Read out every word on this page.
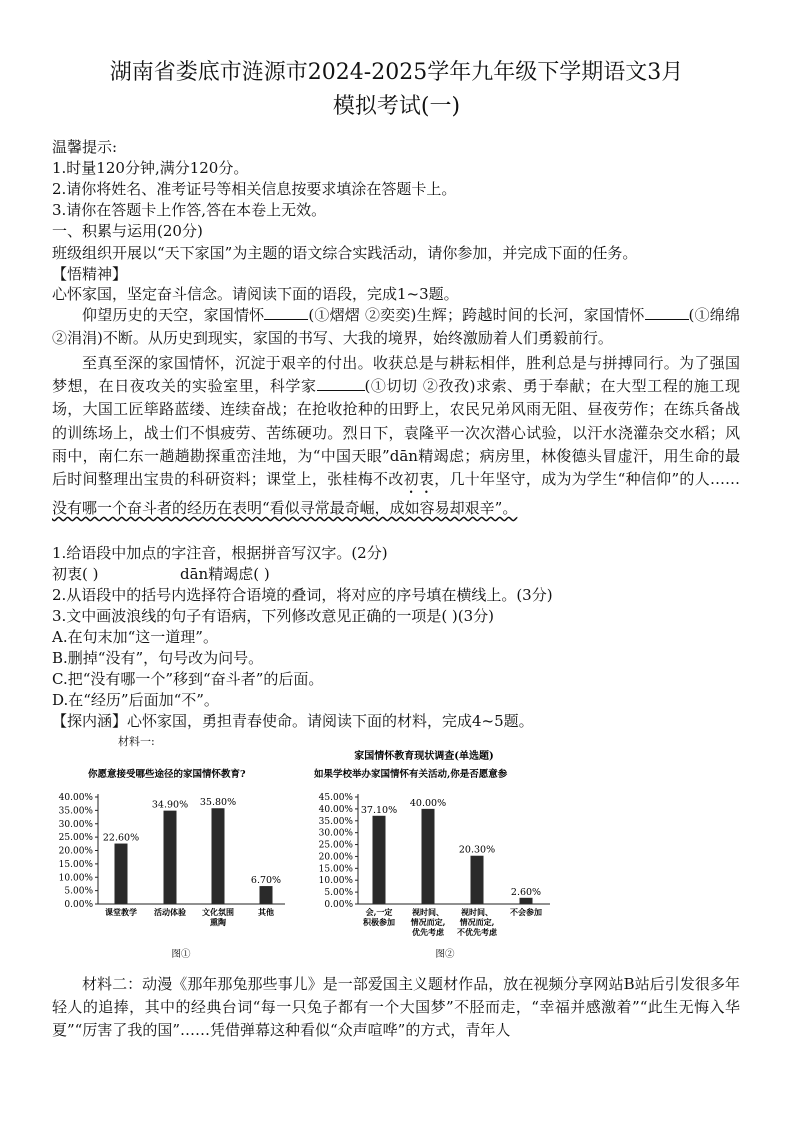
湖南省娄底市涟源市2024-2025学年九年级下学期语文3月
模拟考试(一)
温馨提示:
1.时量120分钟,满分120分。
2.请你将姓名、准考证号等相关信息按要求填涂在答题卡上。
3.请你在答题卡上作答,答在本卷上无效。
一、积累与运用(20分)
班级组织开展以“天下家国”为主题的语文综合实践活动，请你参加，并完成下面的任务。
【悟精神】
心怀家国，坚定奋斗信念。请阅读下面的语段，完成1~3题。
仰望历史的天空，家国情怀	(①熠熠 ②奕奕)生辉；跨越时间的长河，家国情怀	(①绵绵 ②涓涓)不断。从历史到现实，家国的书写、大我的境界，始终激励着人们勇毅前行。
至真至深的家国情怀，沉淀于艰辛的付出。收获总是与耕耘相伴，胜利总是与拼搏同行。为了强国梦想，在日夜攻关的实验室里，科学家	(①切切 ②孜孜)求索、勇于奉献；在大型工程的施工现场，大国工匠筚路蓝缕、连续奋战；在抢收抢种的田野上，农民兄弟风雨无阻、昼夜劳作；在练兵备战的训练场上，战士们不惧疲劳、苦练硬功。烈日下，袁隆平一次次潜心试验，以汗水浇灌杂交水稻；风雨中，南仁东一趟趟勘探重峦洼地，为“中国天眼”dān精竭虑；病房里，林俊德头冒虚汗，用生命的最后时间整理出宝贵的科研资料；课堂上，张桂梅不改初衷，几十年坚守，成为为学生“种信仰”的人……没有哪一个奋斗者的经历在表明“看似寻常最奇崛，成如容易却艰辛”。
1.给语段中加点的字注音，根据拼音写汉字。(2分)
初衷( )	dān精竭虑( )
2.从语段中的括号内选择符合语境的叠词，将对应的序号填在横线上。(3分)
3.文中画波浪线的句子有语病，下列修改意见正确的一项是( )(3分)
A.在句末加“这一道理”。
B.删掉“没有”，句号改为问号。
C.把“没有哪一个”移到“奋斗者”的后面。
D.在“经历”后面加“不”。
【探内涵】心怀家国，勇担青春使命。请阅读下面的材料，完成4~5题。
材料一:
家国情怀教育现状调查(单选题)
你愿意接受哪些途径的家国情怀教育?
0.00%
5.00%
10.00%
15.00%
20.00%
25.00%
30.00%
35.00%
40.00%
22.60%
课堂教学
34.90%
活动体验
35.80%
文化氛围
熏陶
6.70%
其他
图①
如果学校举办家国情怀有关活动,你是否愿意参
0.00%
5.00%
10.00%
15.00%
20.00%
25.00%
30.00%
35.00%
40.00%
45.00%
37.10%
会,一定
积极参加
40.00%
视时间、
情况而定,
优先考虑
20.30%
视时间、
情况而定,
不优先考虑
2.60%
不会参加
图②
材料二：动漫《那年那兔那些事儿》是一部爱国主义题材作品，放在视频分享网站B站后引发很多年轻人的追捧，其中的经典台词“每一只兔子都有一个大国梦”不胫而走，“幸福并感激着”“此生无悔入华夏”“厉害了我的国”……凭借弹幕这种看似“众声喧哗”的方式，青年人
